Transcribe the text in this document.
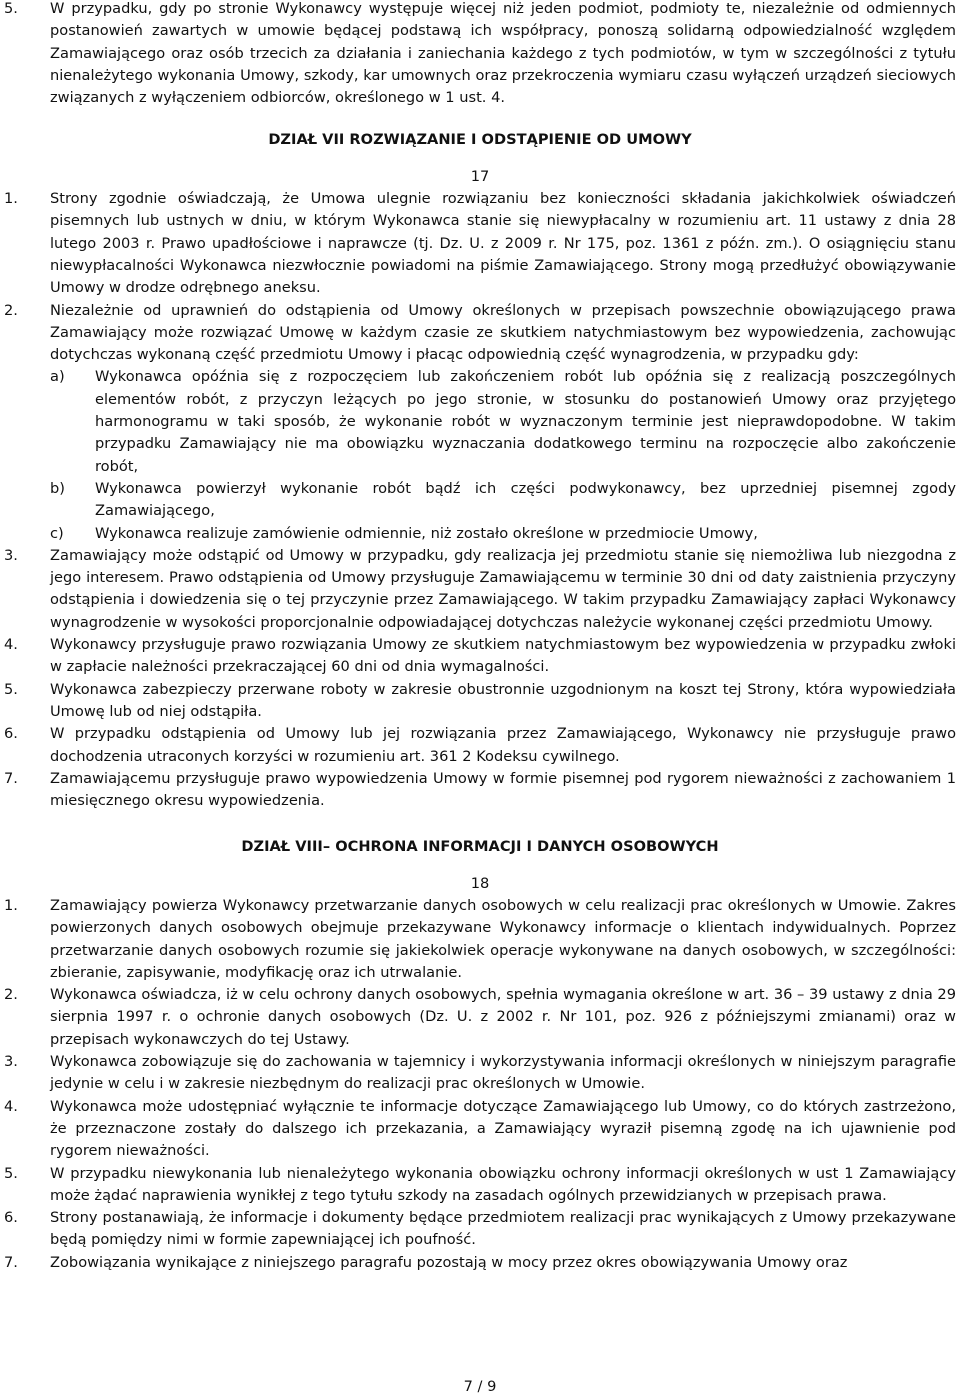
5. W przypadku, gdy po stronie Wykonawcy występuje więcej niż jeden podmiot, podmioty te, niezależnie od odmiennych postanowień zawartych w umowie będącej podstawą ich współpracy, ponoszą solidarną odpowiedzialność względem Zamawiającego oraz osób trzecich za działania i zaniechania każdego z tych podmiotów, w tym w szczególności z tytułu nienależytego wykonania Umowy, szkody, kar umownych oraz przekroczenia wymiaru czasu wyłączeń urządzeń sieciowych związanych z wyłączeniem odbiorców, określonego w 1 ust. 4.

DZIAŁ VII ROZWIĄZANIE I ODSTĄPIENIE OD UMOWY

17

1. Strony zgodnie oświadczają, że Umowa ulegnie rozwiązaniu bez konieczności składania jakichkolwiek oświadczeń pisemnych lub ustnych w dniu, w którym Wykonawca stanie się niewypłacalny w rozumieniu art. 11 ustawy z dnia 28 lutego 2003 r. Prawo upadłościowe i naprawcze (tj. Dz. U. z 2009 r. Nr 175, poz. 1361 z późn. zm.). O osiągnięciu stanu niewypłacalności Wykonawca niezwłocznie powiadomi na piśmie Zamawiającego. Strony mogą przedłużyć obowiązywanie Umowy w drodze odrębnego aneksu.

2. Niezależnie od uprawnień do odstąpienia od Umowy określonych w przepisach powszechnie obowiązującego prawa Zamawiający może rozwiązać Umowę w każdym czasie ze skutkiem natychmiastowym bez wypowiedzenia, zachowując dotychczas wykonaną część przedmiotu Umowy i płacąc odpowiednią część wynagrodzenia, w przypadku gdy:

a) Wykonawca opóźnia się z rozpoczęciem lub zakończeniem robót lub opóźnia się z realizacją poszczególnych elementów robót, z przyczyn leżących po jego stronie, w stosunku do postanowień Umowy oraz przyjętego harmonogramu w taki sposób, że wykonanie robót w wyznaczonym terminie jest nieprawdopodobne. W takim przypadku Zamawiający nie ma obowiązku wyznaczania dodatkowego terminu na rozpoczęcie albo zakończenie robót,

b) Wykonawca powierzył wykonanie robót bądź ich części podwykonawcy, bez uprzedniej pisemnej zgody Zamawiającego,

c) Wykonawca realizuje zamówienie odmiennie, niż zostało określone w przedmiocie Umowy,

3. Zamawiający może odstąpić od Umowy w przypadku, gdy realizacja jej przedmiotu stanie się niemożliwa lub niezgodna z jego interesem. Prawo odstąpienia od Umowy przysługuje Zamawiającemu w terminie 30 dni od daty zaistnienia przyczyny odstąpienia i dowiedzenia się o tej przyczynie przez Zamawiającego. W takim przypadku Zamawiający zapłaci Wykonawcy wynagrodzenie w wysokości proporcjonalnie odpowiadającej dotychczas należycie wykonanej części przedmiotu Umowy.

4. Wykonawcy przysługuje prawo rozwiązania Umowy ze skutkiem natychmiastowym bez wypowiedzenia w przypadku zwłoki w zapłacie należności przekraczającej 60 dni od dnia wymagalności.

5. Wykonawca zabezpieczy przerwane roboty w zakresie obustronnie uzgodnionym na koszt tej Strony, która wypowiedziała Umowę lub od niej odstąpiła.

6. W przypadku odstąpienia od Umowy lub jej rozwiązania przez Zamawiającego, Wykonawcy nie przysługuje prawo dochodzenia utraconych korzyści w rozumieniu art. 361 2 Kodeksu cywilnego.

7. Zamawiającemu przysługuje prawo wypowiedzenia Umowy w formie pisemnej pod rygorem nieważności z zachowaniem 1 miesięcznego okresu wypowiedzenia.

DZIAŁ VIII– OCHRONA INFORMACJI I DANYCH OSOBOWYCH

18

1. Zamawiający powierza Wykonawcy przetwarzanie danych osobowych w celu realizacji prac określonych w Umowie. Zakres powierzonych danych osobowych obejmuje przekazywane Wykonawcy informacje o klientach indywidualnych. Poprzez przetwarzanie danych osobowych rozumie się jakiekolwiek operacje wykonywane na danych osobowych, w szczególności: zbieranie, zapisywanie, modyfikację oraz ich utrwalanie.

2. Wykonawca oświadcza, iż w celu ochrony danych osobowych, spełnia wymagania określone w art. 36 – 39 ustawy z dnia 29 sierpnia 1997 r. o ochronie danych osobowych (Dz. U. z 2002 r. Nr 101, poz. 926 z późniejszymi zmianami) oraz w przepisach wykonawczych do tej Ustawy.

3. Wykonawca zobowiązuje się do zachowania w tajemnicy i wykorzystywania informacji określonych w niniejszym paragrafie jedynie w celu i w zakresie niezbędnym do realizacji prac określonych w Umowie.

4. Wykonawca może udostępniać wyłącznie te informacje dotyczące Zamawiającego lub Umowy, co do których zastrzeżono, że przeznaczone zostały do dalszego ich przekazania, a Zamawiający wyraził pisemną zgodę na ich ujawnienie pod rygorem nieważności.

5. W przypadku niewykonania lub nienależytego wykonania obowiązku ochrony informacji określonych w ust 1 Zamawiający może żądać naprawienia wynikłej z tego tytułu szkody na zasadach ogólnych przewidzianych w przepisach prawa.

6. Strony postanawiają, że informacje i dokumenty będące przedmiotem realizacji prac wynikających z Umowy przekazywane będą pomiędzy nimi w formie zapewniającej ich poufność.

7. Zobowiązania wynikające z niniejszego paragrafu pozostają w mocy przez okres obowiązywania Umowy oraz

7 / 9
